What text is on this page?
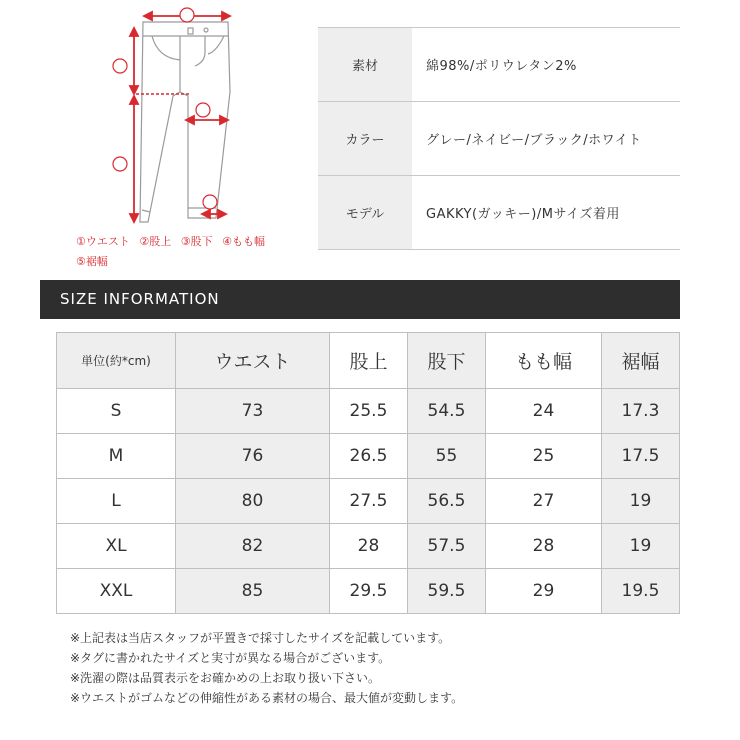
①ウエスト ②股上 ③股下 ④もも幅
⑤裾幅
素材	綿98%/ポリウレタン2%
カラー	グレー/ネイビー/ブラック/ホワイト
モデル	GAKKY(ガッキー)/Mサイズ着用
SIZE INFORMATION
単位(約*cm)	ウエスト	股上	股下	もも幅	裾幅
S	73	25.5	54.5	24	17.3
M	76	26.5	55	25	17.5
L	80	27.5	56.5	27	19
XL	82	28	57.5	28	19
XXL	85	29.5	59.5	29	19.5
※上記表は当店スタッフが平置きで採寸したサイズを記載しています。
※タグに書かれたサイズと実寸が異なる場合がございます。
※洗濯の際は品質表示をお確かめの上お取り扱い下さい。
※ウエストがゴムなどの伸縮性がある素材の場合、最大値が変動します。
